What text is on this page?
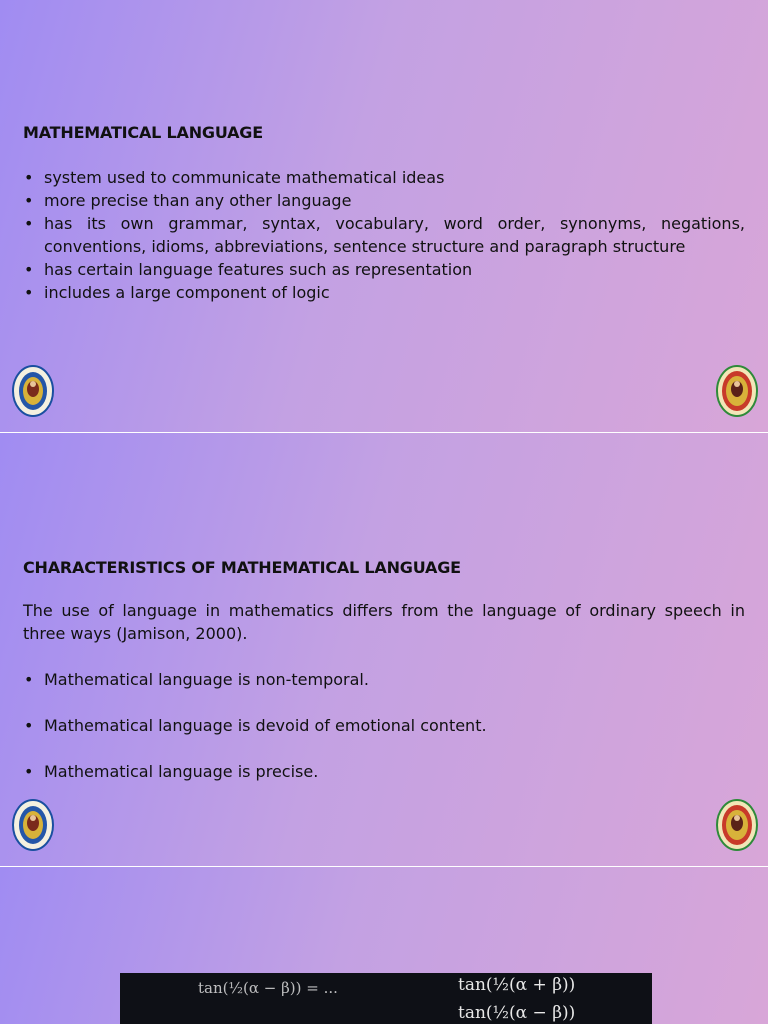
MATHEMATICAL LANGUAGE
• system used to communicate mathematical ideas
• more precise than any other language
• has its own grammar, syntax, vocabulary, word order, synonyms, negations, conventions, idioms, abbreviations, sentence structure and paragraph structure
• has certain language features such as representation
• includes a large component of logic
CHARACTERISTICS OF MATHEMATICAL LANGUAGE

The use of language in mathematics differs from the language of ordinary speech in three ways (Jamison, 2000).

• Mathematical language is non-temporal.
• Mathematical language is devoid of emotional content.
• Mathematical language is precise.
tan(½(α − β)) = ...	tan(½(α + β))
tan(½(α − β))
